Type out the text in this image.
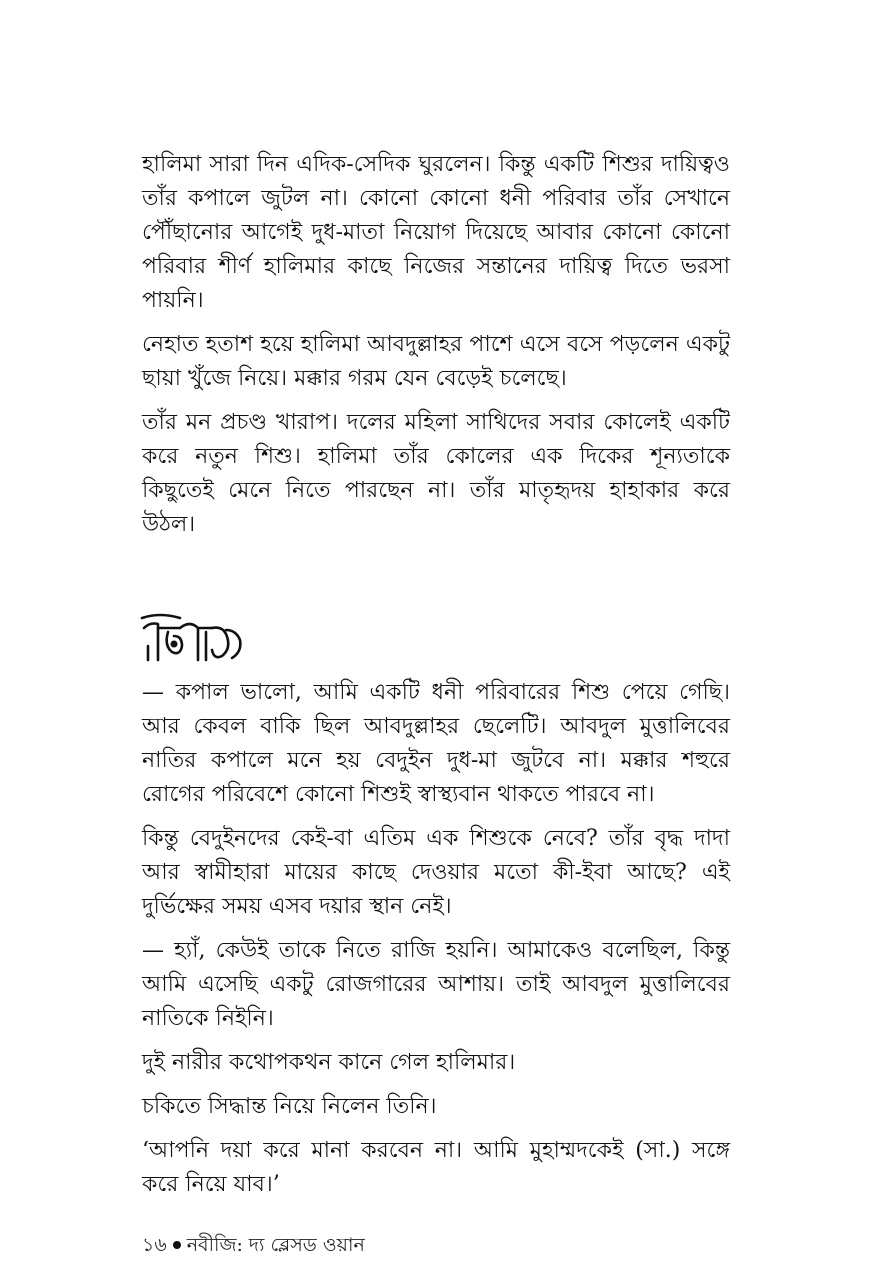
হালিমা সারা দিন এদিক-সেদিক ঘুরলেন। কিন্তু একটি শিশুর দায়িত্বও তাঁর কপালে জুটল না। কোনো কোনো ধনী পরিবার তাঁর সেখানে পৌঁছানোর আগেই দুধ-মাতা নিয়োগ দিয়েছে আবার কোনো কোনো পরিবার শীর্ণ হালিমার কাছে নিজের সন্তানের দায়িত্ব দিতে ভরসা পায়নি।

নেহাত হতাশ হয়ে হালিমা আবদুল্লাহর পাশে এসে বসে পড়লেন একটু ছায়া খুঁজে নিয়ে। মক্কার গরম যেন বেড়েই চলেছে।

তাঁর মন প্রচণ্ড খারাপ। দলের মহিলা সাথিদের সবার কোলেই একটি করে নতুন শিশু। হালিমা তাঁর কোলের এক দিকের শূন্যতাকে কিছুতেই মেনে নিতে পারছেন না। তাঁর মাতৃহৃদয় হাহাকার করে উঠল।

— কপাল ভালো, আমি একটি ধনী পরিবারের শিশু পেয়ে গেছি। আর কেবল বাকি ছিল আবদুল্লাহর ছেলেটি। আবদুল মুত্তালিবের নাতির কপালে মনে হয় বেদুইন দুধ-মা জুটবে না। মক্কার শহুরে রোগের পরিবেশে কোনো শিশুই স্বাস্থ্যবান থাকতে পারবে না।

কিন্তু বেদুইনদের কেই-বা এতিম এক শিশুকে নেবে? তাঁর বৃদ্ধ দাদা আর স্বামীহারা মায়ের কাছে দেওয়ার মতো কী-ইবা আছে? এই দুর্ভিক্ষের সময় এসব দয়ার স্থান নেই।

— হ্যাঁ, কেউই তাকে নিতে রাজি হয়নি। আমাকেও বলেছিল, কিন্তু আমি এসেছি একটু রোজগারের আশায়। তাই আবদুল মুত্তালিবের নাতিকে নিইনি।

দুই নারীর কথোপকথন কানে গেল হালিমার।

চকিতে সিদ্ধান্ত নিয়ে নিলেন তিনি।

‘আপনি দয়া করে মানা করবেন না। আমি মুহাম্মদকেই (সা.) সঙ্গে করে নিয়ে যাব।’

১৬ নবীজি: দ্য ব্লেসড ওয়ান
